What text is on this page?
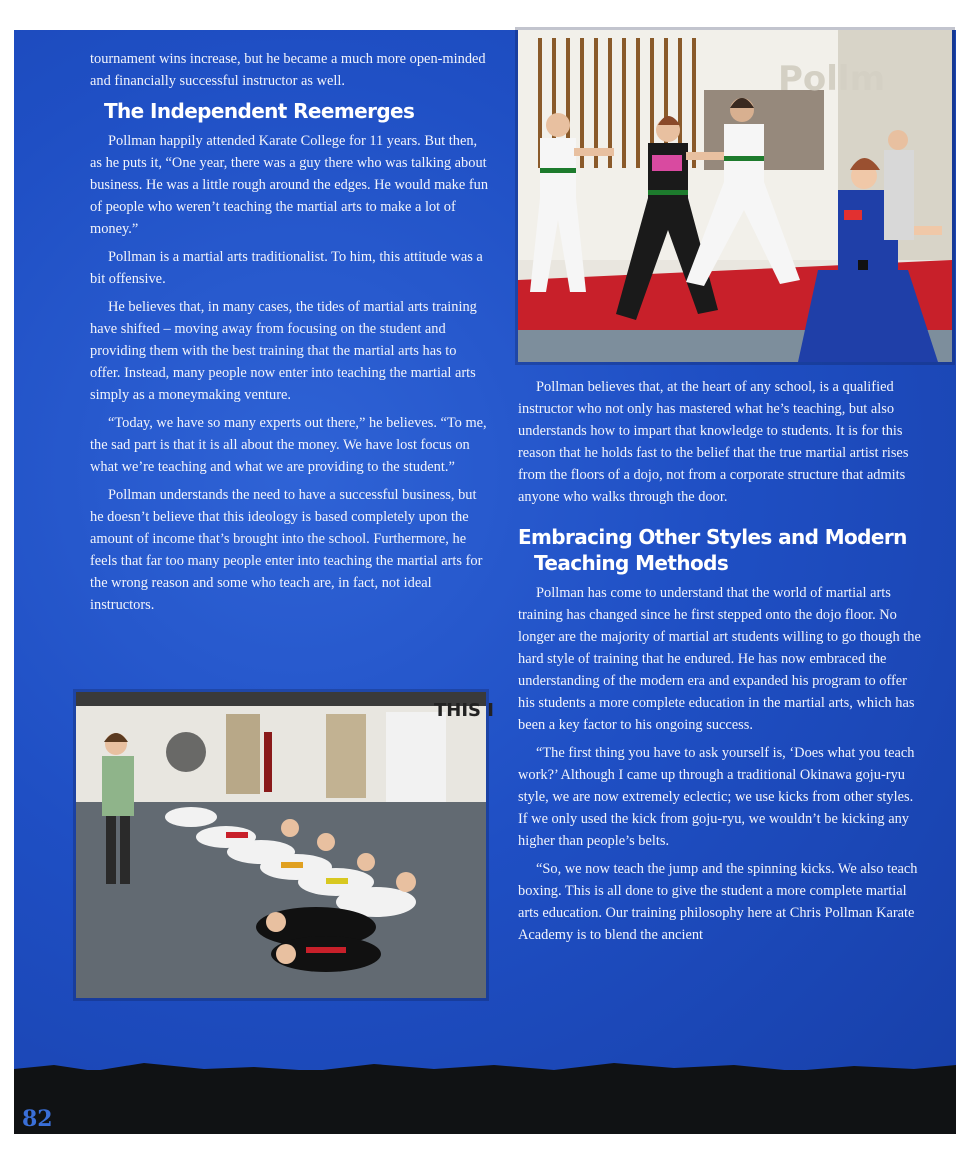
Pollm
THIS I

tournament wins increase, but he became a much more open-minded and financially successful instructor as well.

The Independent Reemerges

Pollman happily attended Karate College for 11 years. But then, as he puts it, “One year, there was a guy there who was talking about business. He was a little rough around the edges. He would make fun of people who weren’t teaching the martial arts to make a lot of money.”

Pollman is a martial arts traditionalist. To him, this attitude was a bit offensive.

He believes that, in many cases, the tides of martial arts training have shifted – moving away from focusing on the student and providing them with the best training that the martial arts has to offer. Instead, many people now enter into teaching the martial arts simply as a moneymaking venture.

“Today, we have so many experts out there,” he believes. “To me, the sad part is that it is all about the money. We have lost focus on what we’re teaching and what we are providing to the student.”

Pollman understands the need to have a successful business, but he doesn’t believe that this ideology is based completely upon the amount of income that’s brought into the school. Furthermore, he feels that far too many people enter into teaching the martial arts for the wrong reason and some who teach are, in fact, not ideal instructors.

Pollman believes that, at the heart of any school, is a qualified instructor who not only has mastered what he’s teaching, but also understands how to impart that knowledge to students. It is for this reason that he holds fast to the belief that the true martial artist rises from the floors of a dojo, not from a corporate structure that admits anyone who walks through the door.

Embracing Other Styles and Modern Teaching Methods

Pollman has come to understand that the world of martial arts training has changed since he first stepped onto the dojo floor. No longer are the majority of martial art students willing to go though the hard style of training that he endured. He has now embraced the understanding of the modern era and expanded his program to offer his students a more complete education in the martial arts, which has been a key factor to his ongoing success.

“The first thing you have to ask yourself is, ‘Does what you teach work?’ Although I came up through a traditional Okinawa goju-ryu style, we are now extremely eclectic; we use kicks from other styles. If we only used the kick from goju-ryu, we wouldn’t be kicking any higher than people’s belts.

“So, we now teach the jump and the spinning kicks. We also teach boxing. This is all done to give the student a more complete martial arts education. Our training philosophy here at Chris Pollman Karate Academy is to blend the ancient

82
